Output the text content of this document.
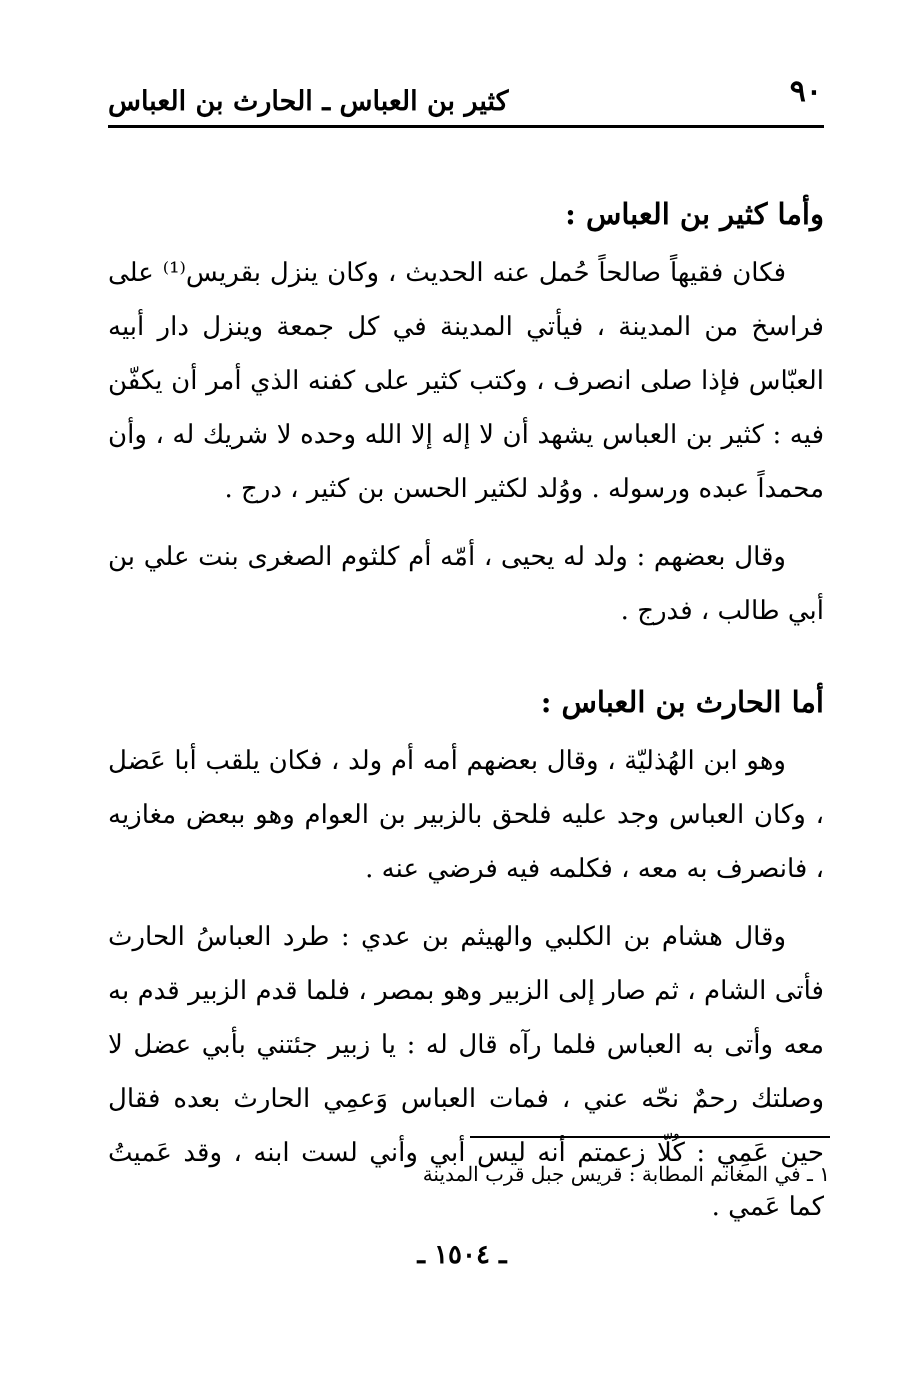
٩٠
كثير بن العباس ـ الحارث بن العباس
وأما كثير بن العباس :

فكان فقيهاً صالحاً حُمل عنه الحديث ، وكان ينزل بقريس⁽¹⁾ على فراسخ من المدينة ، فيأتي المدينة في كل جمعة وينزل دار أبيه العبّاس فإذا صلى انصرف ، وكتب كثير على كفنه الذي أمر أن يكفّن فيه : كثير بن العباس يشهد أن لا إله إلا الله وحده لا شريك له ، وأن محمداً عبده ورسوله . ووُلد لكثير الحسن بن كثير ، درج .

وقال بعضهم : ولد له يحيى ، أمّه أم كلثوم الصغرى بنت علي بن أبي طالب ، فدرج .

أما الحارث بن العباس :

وهو ابن الهُذليّة ، وقال بعضهم أمه أم ولد ، فكان يلقب أبا عَضل ، وكان العباس وجد عليه فلحق بالزبير بن العوام وهو ببعض مغازيه ، فانصرف به معه ، فكلمه فيه فرضي عنه .

وقال هشام بن الكلبي والهيثم بن عدي : طرد العباسُ الحارث فأتى الشام ، ثم صار إلى الزبير وهو بمصر ، فلما قدم الزبير قدم به معه وأتى به العباس فلما رآه قال له : يا زبير جئتني بأبي عضل لا وصلتك رحمٌ نحّه عني ، فمات العباس وَعمِي الحارث بعده فقال حين عَمِي : كُلّا زعمتم أنه ليس أبي وأني لست ابنه ، وقد عَميتُ كما عَمي .

١ ـ في المغانم المطابة : قريس جبل قرب المدينة
ـ ١٥٠٤ ـ
